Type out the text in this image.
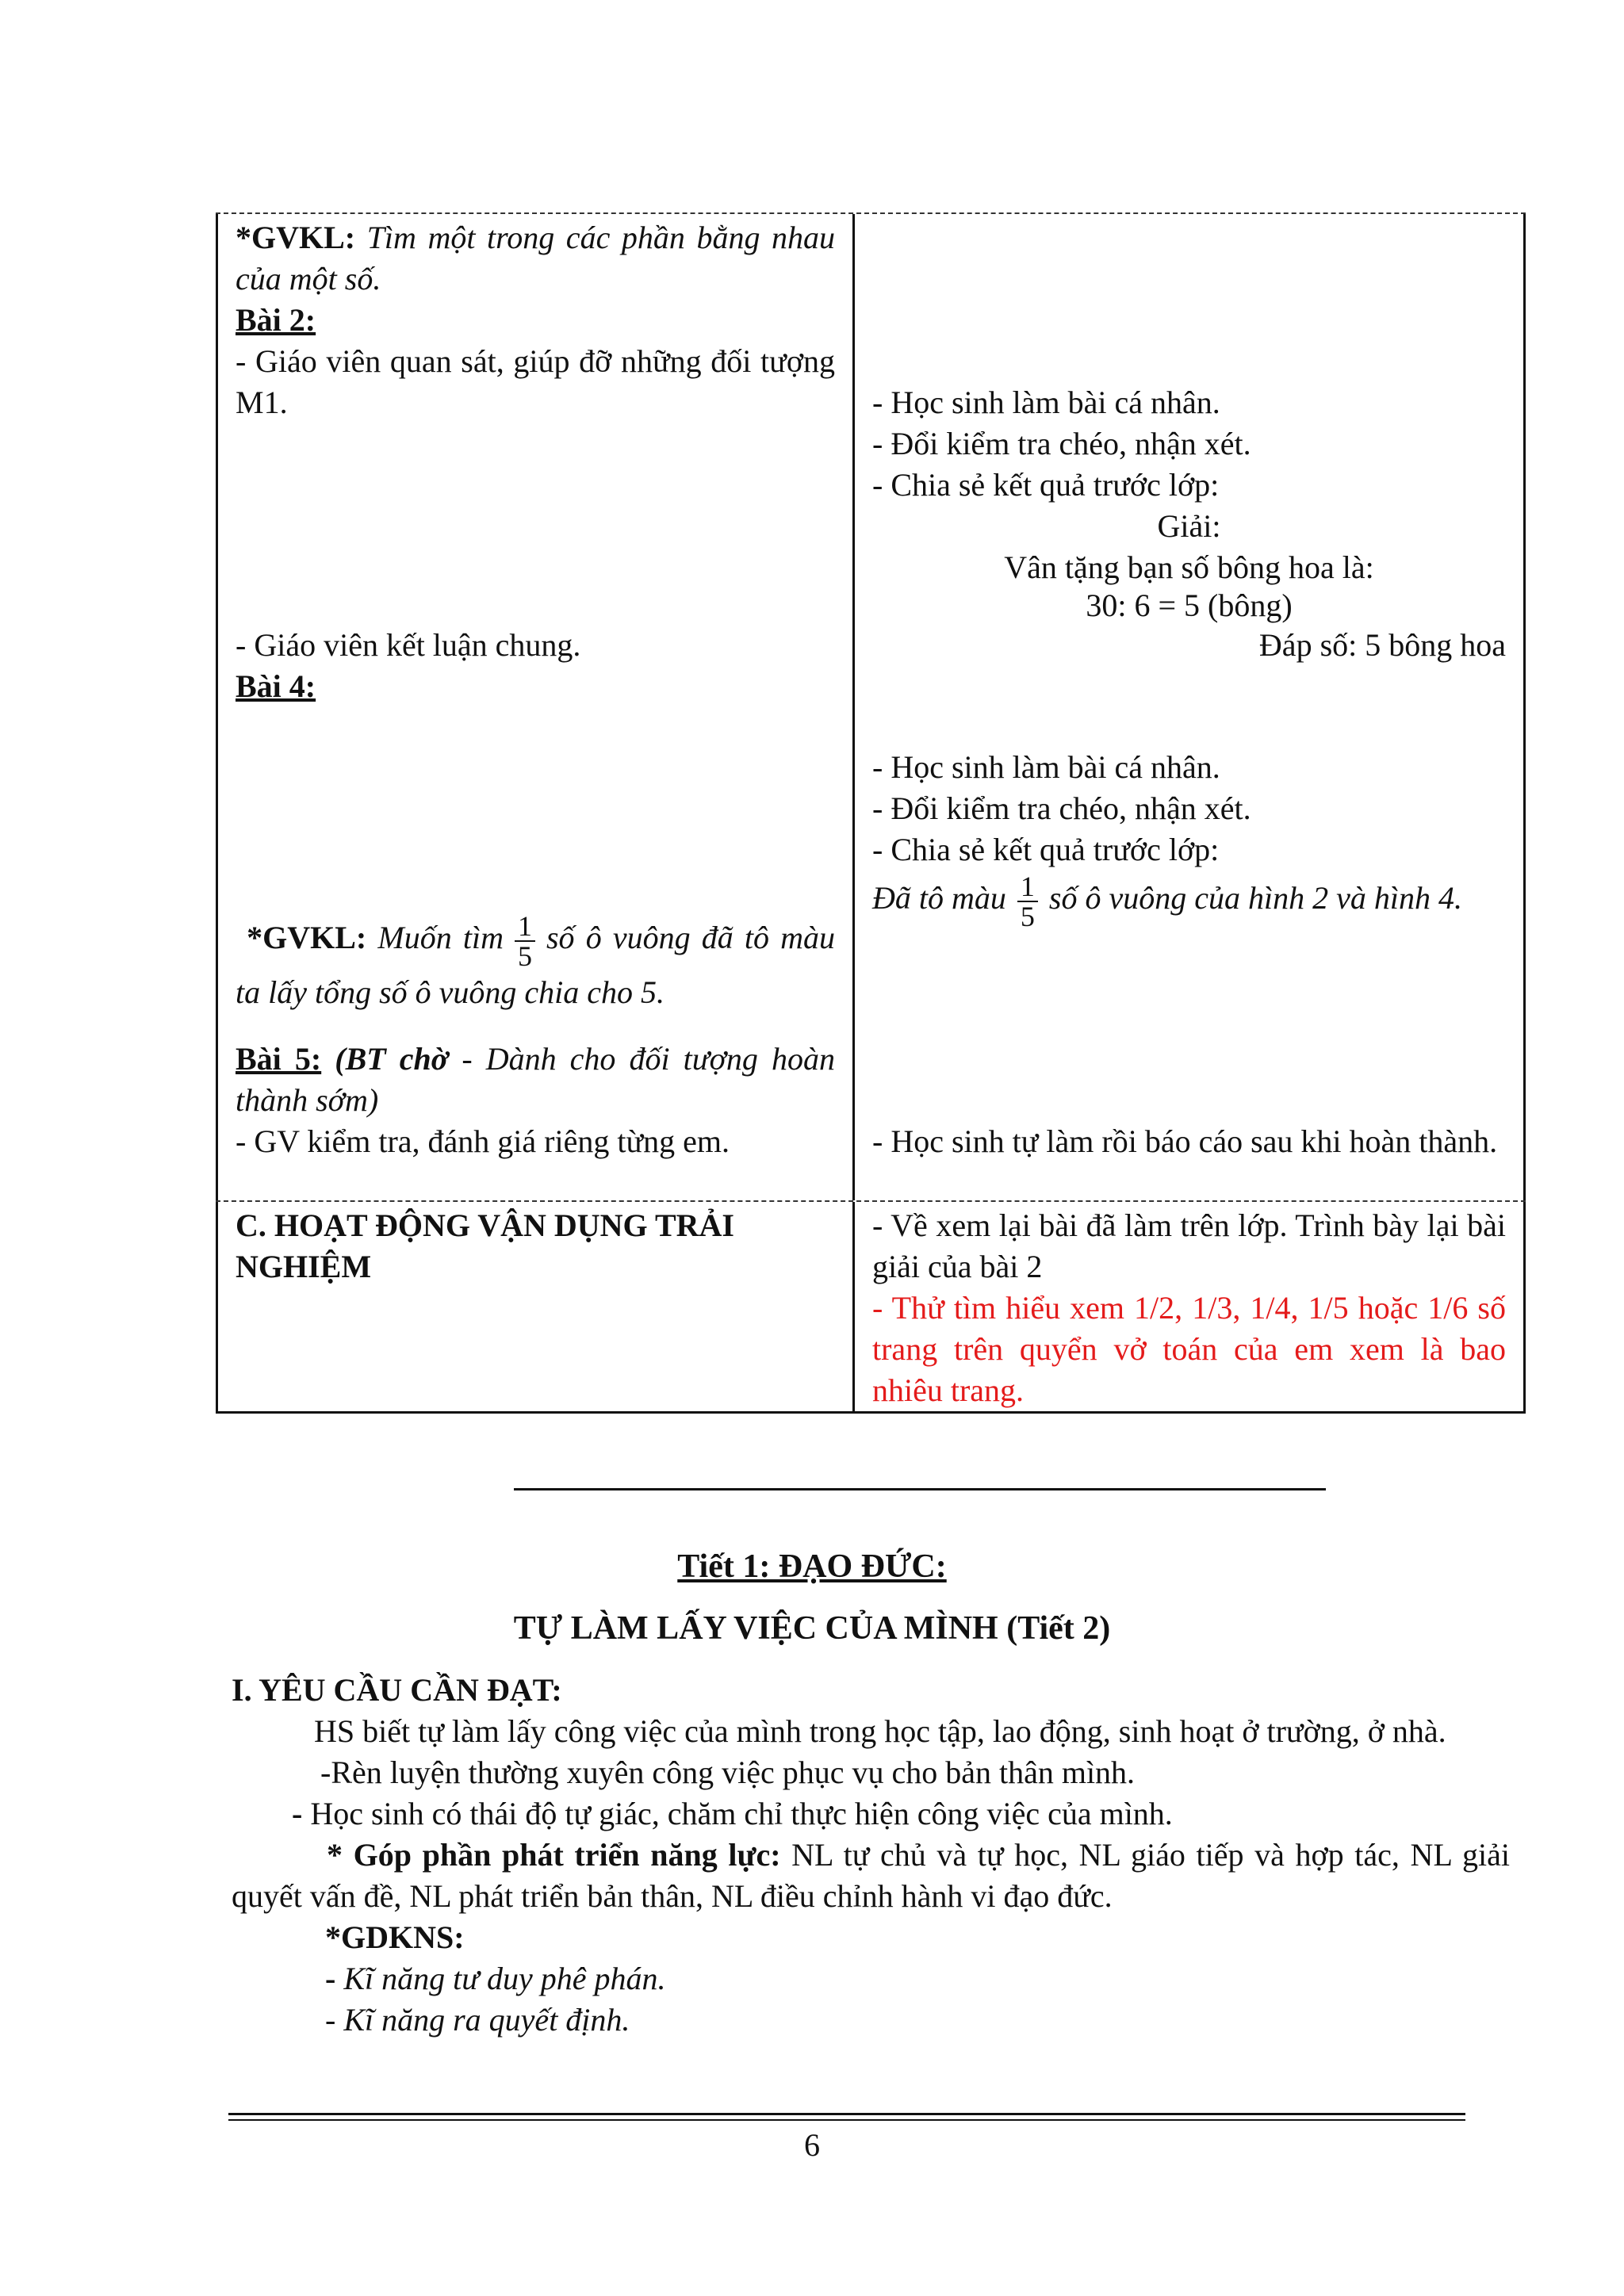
*GVKL: Tìm một trong các phần bằng nhau của một số.
Bài 2:
- Giáo viên quan sát, giúp đỡ những đối tượng M1.
- Giáo viên kết luận chung.
Bài 4:
*GVKL: Muốn tìm $\frac{1}{5}$ số ô vuông đã tô màu ta lấy tổng số ô vuông chia cho 5.
Bài 5: (BT chờ - Dành cho đối tượng hoàn thành sớm)
- GV kiểm tra, đánh giá riêng từng em.
- Học sinh làm bài cá nhân.
- Đổi kiểm tra chéo, nhận xét.
- Chia sẻ kết quả trước lớp:
Giải:
Vân tặng bạn số bông hoa là:
30: 6 = 5 (bông)
Đáp số: 5 bông hoa
- Học sinh làm bài cá nhân.
- Đổi kiểm tra chéo, nhận xét.
- Chia sẻ kết quả trước lớp:
Đã tô màu $\frac{1}{5}$ số ô vuông của hình 2 và hình 4.
- Học sinh tự làm rồi báo cáo sau khi hoàn thành.
C. HOẠT ĐỘNG VẬN DỤNG TRẢI NGHIỆM
- Về xem lại bài đã làm trên lớp. Trình bày lại bài giải của bài 2
- Thử tìm hiểu xem 1/2, 1/3, 1/4, 1/5 hoặc 1/6 số trang trên quyển vở toán của em xem là bao nhiêu trang.
Tiết 1: ĐẠO ĐỨC:
TỰ LÀM LẤY VIỆC CỦA MÌNH (Tiết 2)

I. YÊU CẦU CẦN ĐẠT:

HS biết tự làm lấy công việc của mình trong học tập, lao động, sinh hoạt ở trường, ở nhà.

-Rèn luyện thường xuyên công việc phục vụ cho bản thân mình.

- Học sinh có thái độ tự giác, chăm chỉ thực hiện công việc của mình.

* Góp phần phát triển năng lực: NL tự chủ và tự học, NL giáo tiếp và hợp tác, NL giải quyết vấn đề, NL phát triển bản thân, NL điều chỉnh hành vi đạo đức.

*GDKNS:

- Kĩ năng tư duy phê phán.

- Kĩ năng ra quyết định.

6
